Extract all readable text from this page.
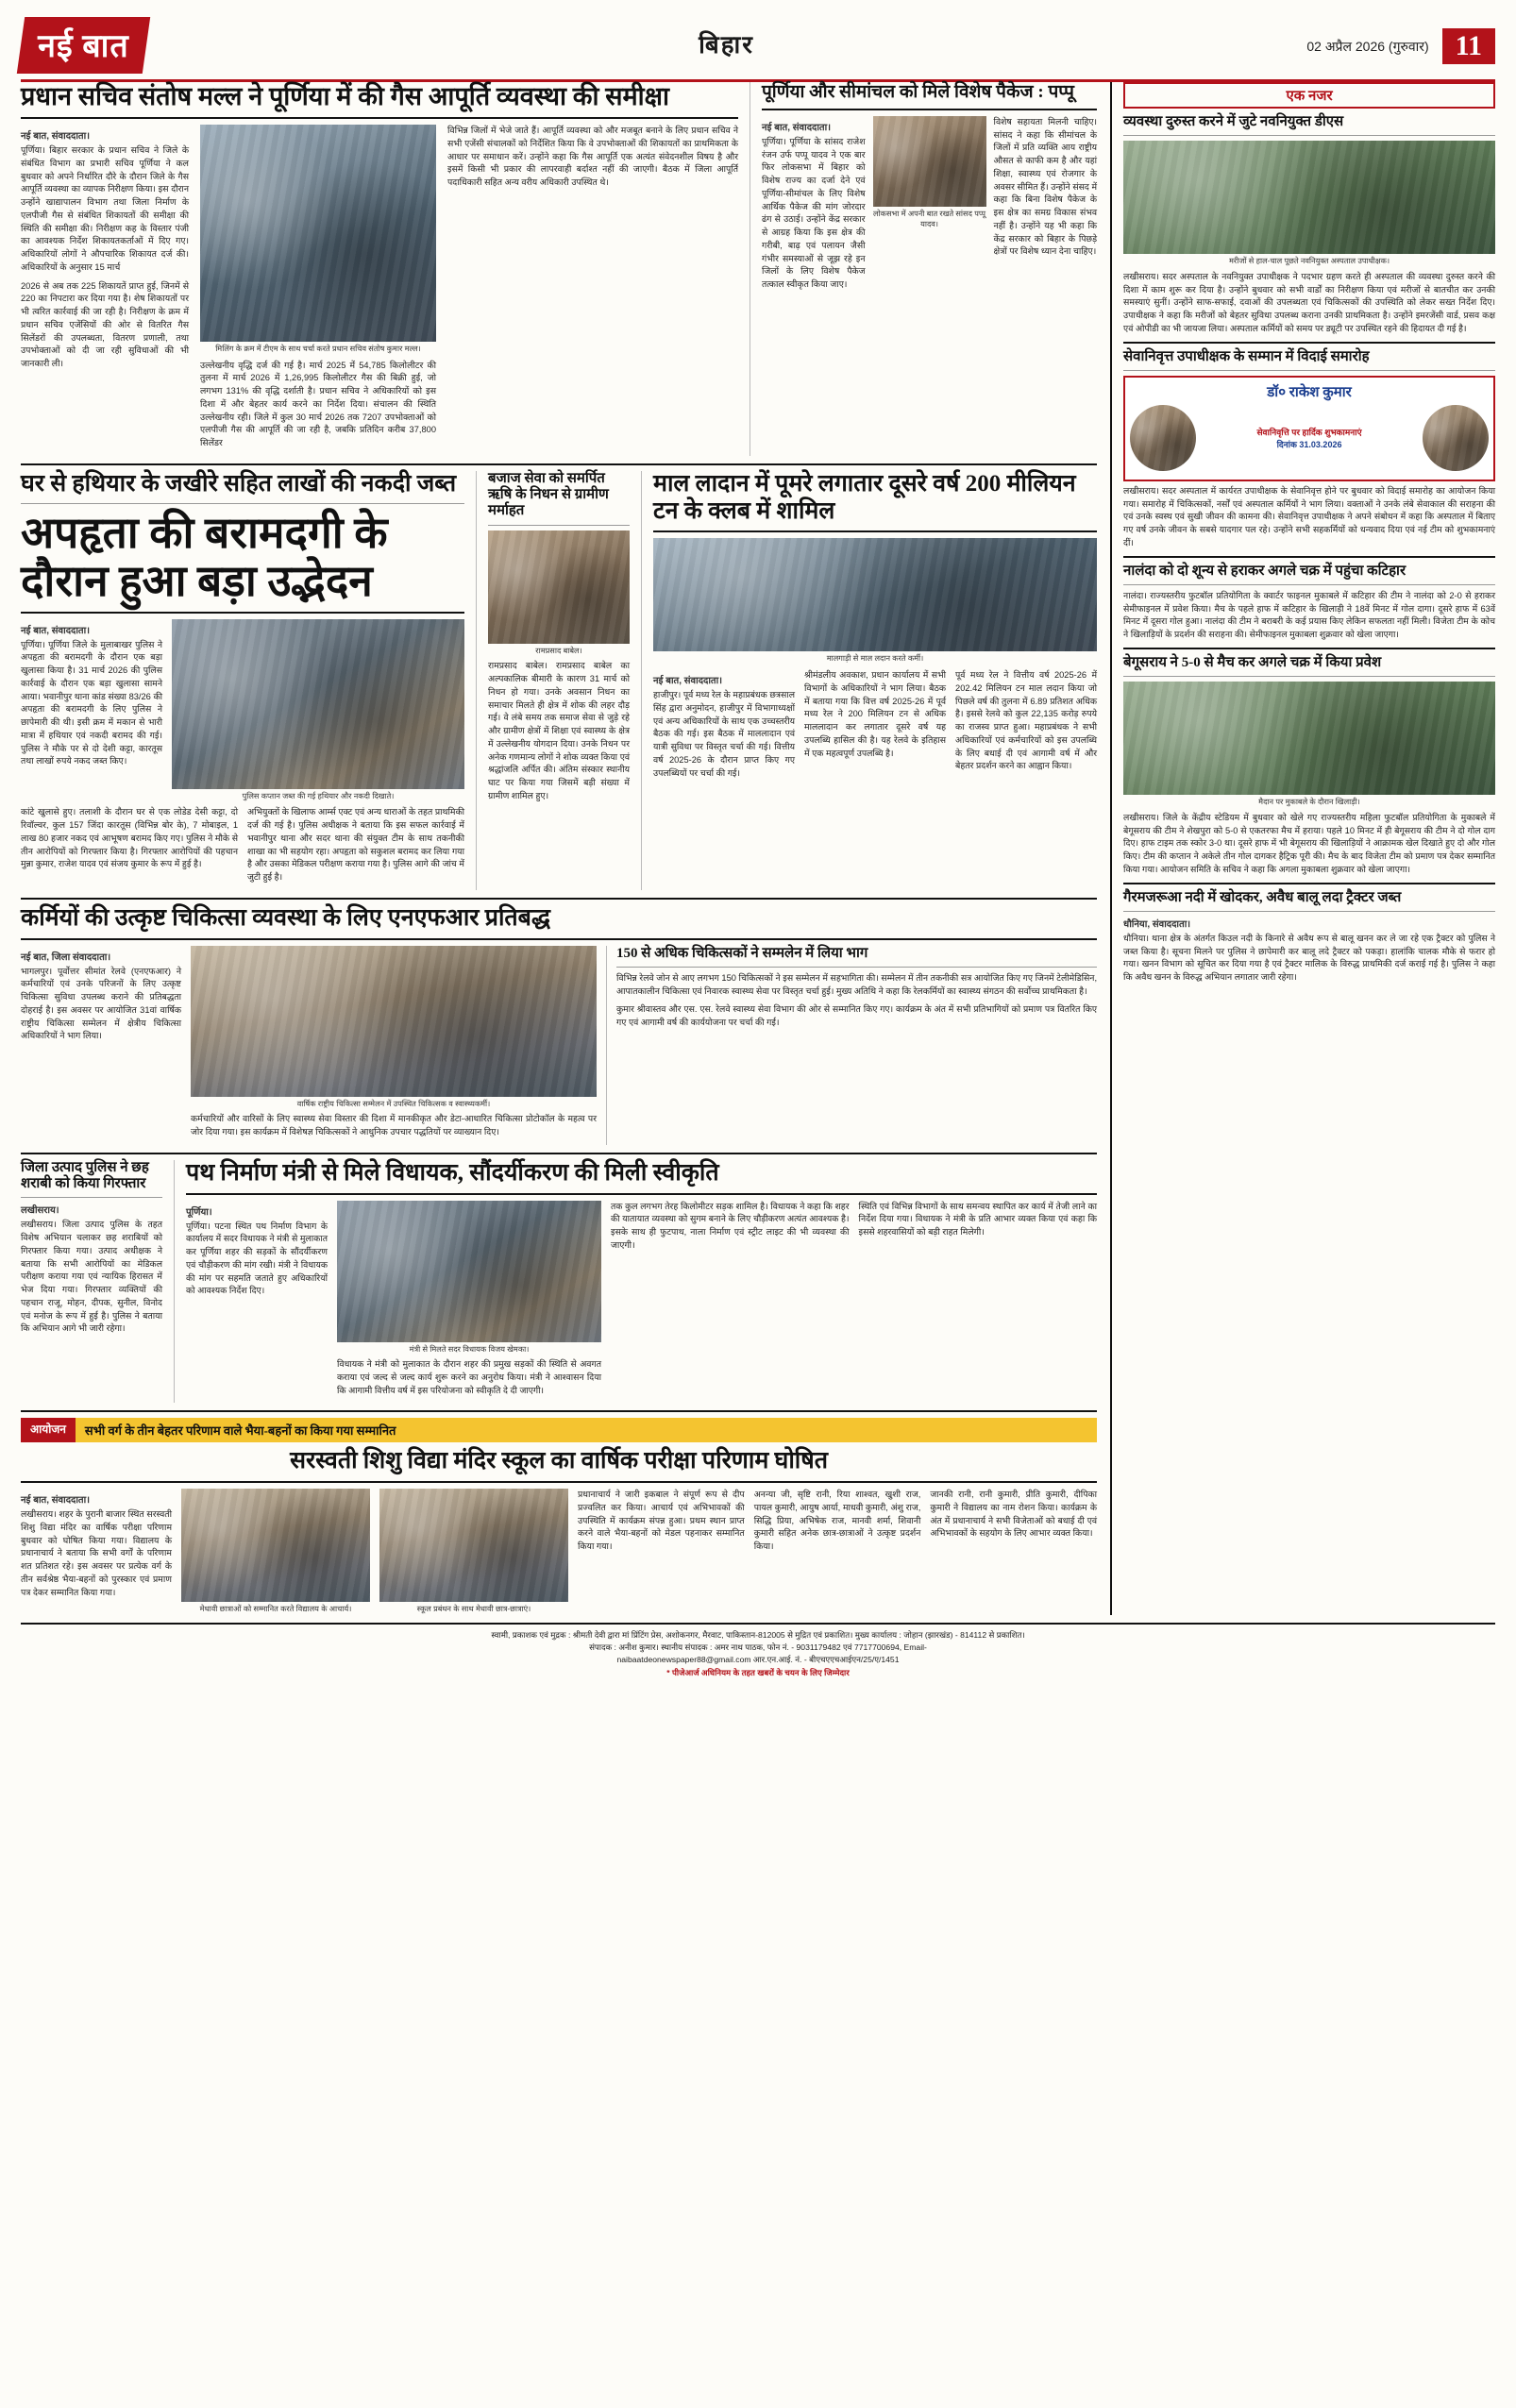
नई बात	बिहार	02 अप्रैल 2026 (गुरुवार) 11
प्रधान सचिव संतोष मल्ल ने पूर्णिया में की गैस आपूर्ति व्यवस्था की समीक्षा
नई बात, संवाददाता।

पूर्णिया। बिहार सरकार के प्रधान सचिव ने जिले के संबंधित विभाग का प्रभारी सचिव पूर्णिया ने कल बुधवार को अपने निर्धारित दौरे के दौरान जिले के गैस आपूर्ति व्यवस्था का व्यापक निरीक्षण किया। इस दौरान उन्होंने खाद्यापालन विभाग तथा जिला निर्माण के एलपीजी गैस से संबंधित शिकायतों की समीक्षा की स्थिति की समीक्षा की। निरीक्षण कह के विस्तार पंजी का आवश्यक निर्देश शिकायतकर्ताओं में दिए गए। अधिकारियों लोगों ने औपचारिक शिकायत दर्ज की। अधिकारियों के अनुसार 15 मार्च

2026 से अब तक 225 शिकायतें प्राप्त हुई, जिनमें से 220 का निपटारा कर दिया गया है। शेष शिकायतों पर भी त्वरित कार्रवाई की जा रही है। निरीक्षण के क्रम में प्रधान सचिव एजेंसियों की ओर से वितरित गैस सिलेंडरों की उपलब्धता, वितरण प्रणाली, तथा उपभोक्ताओं को दी जा रही सुविधाओं की भी जानकारी ली।

मिलिंग के क्रम में टीएम के साथ चर्चा करते प्रधान सचिव संतोष कुमार मल्ल।

उल्लेखनीय वृद्धि दर्ज की गई है। मार्च 2025 में 54,785 किलोलीटर की तुलना में मार्च 2026 में 1,26,995 किलोलीटर गैस की बिक्री हुई, जो लगभग 131% की वृद्धि दर्शाती है। प्रधान सचिव ने अधिकारियों को इस दिशा में और बेहतर कार्य करने का निर्देश दिया। संचालन की स्थिति उल्लेखनीय रही। जिले में कुल 30 मार्च 2026 तक 7207 उपभोक्ताओं को एलपीजी गैस की आपूर्ति की जा रही है, जबकि प्रतिदिन करीब 37,800 सिलेंडर

विभिन्न जिलों में भेजे जाते हैं। आपूर्ति व्यवस्था को और मजबूत बनाने के लिए प्रधान सचिव ने सभी एजेंसी संचालकों को निर्देशित किया कि वे उपभोक्ताओं की शिकायतों का प्राथमिकता के आधार पर समाधान करें। उन्होंने कहा कि गैस आपूर्ति एक अत्यंत संवेदनशील विषय है और इसमें किसी भी प्रकार की लापरवाही बर्दाश्त नहीं की जाएगी। बैठक में जिला आपूर्ति पदाधिकारी सहित अन्य वरीय अधिकारी उपस्थित थे।

पूर्णिया और सीमांचल को मिले विशेष पैकेज : पप्पू
नई बात, संवाददाता।

पूर्णिया। पूर्णिया के सांसद राजेश रंजन उर्फ पप्पू यादव ने एक बार फिर लोकसभा में बिहार को विशेष राज्य का दर्जा देने एवं पूर्णिया-सीमांचल के लिए विशेष आर्थिक पैकेज की मांग जोरदार ढंग से उठाई। उन्होंने केंद्र सरकार से आग्रह किया कि इस क्षेत्र की गरीबी, बाढ़ एवं पलायन जैसी गंभीर समस्याओं से जूझ रहे इन जिलों के लिए विशेष पैकेज तत्काल स्वीकृत किया जाए।

लोकसभा में अपनी बात रखते सांसद पप्पू यादव।

विशेष सहायता मिलनी चाहिए। सांसद ने कहा कि सीमांचल के जिलों में प्रति व्यक्ति आय राष्ट्रीय औसत से काफी कम है और यहां शिक्षा, स्वास्थ्य एवं रोजगार के अवसर सीमित हैं। उन्होंने संसद में कहा कि बिना विशेष पैकेज के इस क्षेत्र का समग्र विकास संभव नहीं है। उन्होंने यह भी कहा कि केंद्र सरकार को बिहार के पिछड़े क्षेत्रों पर विशेष ध्यान देना चाहिए।

घर से हथियार के जखीरे सहित लाखों की नकदी जब्त
अपहृता की बरामदगी के दौरान हुआ बड़ा उद्भेदन
नई बात, संवाददाता।

पूर्णिया। पूर्णिया जिले के मुलाबाखर पुलिस ने अपहृता की बरामदगी के दौरान एक बड़ा खुलासा किया है। 31 मार्च 2026 की पुलिस कार्रवाई के दौरान एक बड़ा खुलासा सामने आया। भवानीपुर थाना कांड संख्या 83/26 की अपहृता की बरामदगी के लिए पुलिस ने छापेमारी की थी। इसी क्रम में मकान से भारी मात्रा में हथियार एवं नकदी बरामद की गई। पुलिस ने मौके पर से दो देशी कट्टा, कारतूस तथा लाखों रुपये नकद जब्त किए।

पुलिस कप्तान जब्त की गई हथियार और नकदी दिखाते।

कांटे खुलासे हुए। तलाशी के दौरान घर से एक लोडेड देसी कट्टा, दो रिवॉल्वर, कुल 157 जिंदा कारतूस (विभिन्न बोर के), 7 मोबाइल, 1 लाख 80 हजार नकद एवं आभूषण बरामद किए गए। पुलिस ने मौके से तीन आरोपियों को गिरफ्तार किया है। गिरफ्तार आरोपियों की पहचान मुन्ना कुमार, राजेश यादव एवं संजय कुमार के रूप में हुई है।

अभियुक्तों के खिलाफ आर्म्स एक्ट एवं अन्य धाराओं के तहत प्राथमिकी दर्ज की गई है। पुलिस अधीक्षक ने बताया कि इस सफल कार्रवाई में भवानीपुर थाना और सदर थाना की संयुक्त टीम के साथ तकनीकी शाखा का भी सहयोग रहा। अपहृता को सकुशल बरामद कर लिया गया है और उसका मेडिकल परीक्षण कराया गया है। पुलिस आगे की जांच में जुटी हुई है।

बजाज सेवा को समर्पित ऋषि के निधन से ग्रामीण मर्माहत
रामप्रसाद बाबेल।

रामप्रसाद बाबेल। रामप्रसाद बाबेल का अल्पकालिक बीमारी के कारण 31 मार्च को निधन हो गया। उनके अवसान निधन का समाचार मिलते ही क्षेत्र में शोक की लहर दौड़ गई। वे लंबे समय तक समाज सेवा से जुड़े रहे और ग्रामीण क्षेत्रों में शिक्षा एवं स्वास्थ्य के क्षेत्र में उल्लेखनीय योगदान दिया। उनके निधन पर अनेक गणमान्य लोगों ने शोक व्यक्त किया एवं श्रद्धांजलि अर्पित की। अंतिम संस्कार स्थानीय घाट पर किया गया जिसमें बड़ी संख्या में ग्रामीण शामिल हुए।

माल लादान में पूमरे लगातार दूसरे वर्ष 200 मीलियन टन के क्लब में शामिल
मालगाड़ी से माल लदान करते कर्मी।
नई बात, संवाददाता।

हाजीपुर। पूर्व मध्य रेल के महाप्रबंधक छत्रसाल सिंह द्वारा अनुमोदन, हाजीपुर में विभागाध्यक्षों एवं अन्य अधिकारियों के साथ एक उच्चस्तरीय बैठक की गई। इस बैठक में माललादान एवं यात्री सुविधा पर विस्तृत चर्चा की गई। वित्तीय वर्ष 2025-26 के दौरान प्राप्त किए गए उपलब्धियों पर चर्चा की गई।

श्रीमंडलीय अवकाश, प्रधान कार्यालय में सभी विभागों के अधिकारियों ने भाग लिया। बैठक में बताया गया कि वित्त वर्ष 2025-26 में पूर्व मध्य रेल ने 200 मिलियन टन से अधिक माललादान कर लगातार दूसरे वर्ष यह उपलब्धि हासिल की है। यह रेलवे के इतिहास में एक महत्वपूर्ण उपलब्धि है।

पूर्व मध्य रेल ने वित्तीय वर्ष 2025-26 में 202.42 मिलियन टन माल लदान किया जो पिछले वर्ष की तुलना में 6.89 प्रतिशत अधिक है। इससे रेलवे को कुल 22,135 करोड़ रुपये का राजस्व प्राप्त हुआ। महाप्रबंधक ने सभी अधिकारियों एवं कर्मचारियों को इस उपलब्धि के लिए बधाई दी एवं आगामी वर्ष में और बेहतर प्रदर्शन करने का आह्वान किया।

कर्मियों की उत्कृष्ट चिकित्सा व्यवस्था के लिए एनएफआर प्रतिबद्ध
नई बात, जिला संवाददाता।

भागलपुर। पूर्वोत्तर सीमांत रेलवे (एनएफआर) ने कर्मचारियों एवं उनके परिजनों के लिए उत्कृष्ट चिकित्सा सुविधा उपलब्ध कराने की प्रतिबद्धता दोहराई है। इस अवसर पर आयोजित 31वां वार्षिक राष्ट्रीय चिकित्सा सम्मेलन में क्षेत्रीय चिकित्सा अधिकारियों ने भाग लिया।

वार्षिक राष्ट्रीय चिकित्सा सम्मेलन में उपस्थित चिकित्सक व स्वास्थ्यकर्मी।

कर्मचारियों और वारिसों के लिए स्वास्थ्य सेवा विस्तार की दिशा में मानकीकृत और डेटा-आधारित चिकित्सा प्रोटोकॉल के महत्व पर जोर दिया गया। इस कार्यक्रम में विशेषज्ञ चिकित्सकों ने आधुनिक उपचार पद्धतियों पर व्याख्यान दिए।

150 से अधिक चिकित्सकों ने सम्मलेन में लिया भाग

विभिन्न रेलवे जोन से आए लगभग 150 चिकित्सकों ने इस सम्मेलन में सहभागिता की। सम्मेलन में तीन तकनीकी सत्र आयोजित किए गए जिनमें टेलीमेडिसिन, आपातकालीन चिकित्सा एवं निवारक स्वास्थ्य सेवा पर विस्तृत चर्चा हुई। मुख्य अतिथि ने कहा कि रेलकर्मियों का स्वास्थ्य संगठन की सर्वोच्च प्राथमिकता है।

कुमार श्रीवास्तव और एस. एस. रेलवे स्वास्थ्य सेवा विभाग की ओर से सम्मानित किए गए। कार्यक्रम के अंत में सभी प्रतिभागियों को प्रमाण पत्र वितरित किए गए एवं आगामी वर्ष की कार्ययोजना पर चर्चा की गई।

जिला उत्पाद पुलिस ने छह शराबी को किया गिरफ्तार
लखीसराय।

लखीसराय। जिला उत्पाद पुलिस के तहत विशेष अभियान चलाकर छह शराबियों को गिरफ्तार किया गया। उत्पाद अधीक्षक ने बताया कि सभी आरोपियों का मेडिकल परीक्षण कराया गया एवं न्यायिक हिरासत में भेज दिया गया। गिरफ्तार व्यक्तियों की पहचान राजू, मोहन, दीपक, सुनील, विनोद एवं मनोज के रूप में हुई है। पुलिस ने बताया कि अभियान आगे भी जारी रहेगा।

पथ निर्माण मंत्री से मिले विधायक, सौंदर्यीकरण की मिली स्वीकृति
पूर्णिया।

पूर्णिया। पटना स्थित पथ निर्माण विभाग के कार्यालय में सदर विधायक ने मंत्री से मुलाकात कर पूर्णिया शहर की सड़कों के सौंदर्यीकरण एवं चौड़ीकरण की मांग रखी। मंत्री ने विधायक की मांग पर सहमति जताते हुए अधिकारियों को आवश्यक निर्देश दिए।

मंत्री से मिलते सदर विधायक विजय खेमका।

विधायक ने मंत्री को मुलाकात के दौरान शहर की प्रमुख सड़कों की स्थिति से अवगत कराया एवं जल्द से जल्द कार्य शुरू करने का अनुरोध किया। मंत्री ने आश्वासन दिया कि आगामी वित्तीय वर्ष में इस परियोजना को स्वीकृति दे दी जाएगी।

तक कुल लगभग तेरह किलोमीटर सड़क शामिल है। विधायक ने कहा कि शहर की यातायात व्यवस्था को सुगम बनाने के लिए चौड़ीकरण अत्यंत आवश्यक है। इसके साथ ही फुटपाथ, नाला निर्माण एवं स्ट्रीट लाइट की भी व्यवस्था की जाएगी।

स्थिति एवं विभिन्न विभागों के साथ समन्वय स्थापित कर कार्य में तेजी लाने का निर्देश दिया गया। विधायक ने मंत्री के प्रति आभार व्यक्त किया एवं कहा कि इससे शहरवासियों को बड़ी राहत मिलेगी।

आयोजन	सभी वर्ग के तीन बेहतर परिणाम वाले भैया-बहनों का किया गया सम्मानित
सरस्वती शिशु विद्या मंदिर स्कूल का वार्षिक परीक्षा परिणाम घोषित
नई बात, संवाददाता।

लखीसराय। शहर के पुरानी बाजार स्थित सरस्वती शिशु विद्या मंदिर का वार्षिक परीक्षा परिणाम बुधवार को घोषित किया गया। विद्यालय के प्रधानाचार्य ने बताया कि सभी वर्गों के परिणाम शत प्रतिशत रहे। इस अवसर पर प्रत्येक वर्ग के तीन सर्वश्रेष्ठ भैया-बहनों को पुरस्कार एवं प्रमाण पत्र देकर सम्मानित किया गया।

मेधावी छात्राओं को सम्मानित करते विद्यालय के आचार्य।	स्कूल प्रबंधन के साथ मेधावी छात्र-छात्राएं।

प्रधानाचार्य ने जारी इकबाल ने संपूर्ण रूप से दीप प्रज्वलित कर किया। आचार्य एवं अभिभावकों की उपस्थिति में कार्यक्रम संपन्न हुआ। प्रथम स्थान प्राप्त करने वाले भैया-बहनों को मेडल पहनाकर सम्मानित किया गया।

अनन्या जी, सृष्टि रानी, रिया शाश्वत, खुशी राज, पायल कुमारी, आयुष आर्या, माधवी कुमारी, अंशु राज, सिद्धि प्रिया, अभिषेक राज, मानवी शर्मा, शिवानी कुमारी सहित अनेक छात्र-छात्राओं ने उत्कृष्ट प्रदर्शन किया।

जानकी रानी, रानी कुमारी, प्रीति कुमारी, दीपिका कुमारी ने विद्यालय का नाम रोशन किया। कार्यक्रम के अंत में प्रधानाचार्य ने सभी विजेताओं को बधाई दी एवं अभिभावकों के सहयोग के लिए आभार व्यक्त किया।

एक नजर
व्यवस्था दुरुस्त करने में जुटे नवनियुक्त डीएस
मरीजों से हाल-चाल पूछते नवनियुक्त अस्पताल उपाधीक्षक।

लखीसराय। सदर अस्पताल के नवनियुक्त उपाधीक्षक ने पदभार ग्रहण करते ही अस्पताल की व्यवस्था दुरुस्त करने की दिशा में काम शुरू कर दिया है। उन्होंने बुधवार को सभी वार्डों का निरीक्षण किया एवं मरीजों से बातचीत कर उनकी समस्याएं सुनीं। उन्होंने साफ-सफाई, दवाओं की उपलब्धता एवं चिकित्सकों की उपस्थिति को लेकर सख्त निर्देश दिए। उपाधीक्षक ने कहा कि मरीजों को बेहतर सुविधा उपलब्ध कराना उनकी प्राथमिकता है। उन्होंने इमरजेंसी वार्ड, प्रसव कक्ष एवं ओपीडी का भी जायजा लिया। अस्पताल कर्मियों को समय पर ड्यूटी पर उपस्थित रहने की हिदायत दी गई है।

सेवानिवृत्त उपाधीक्षक के सम्मान में विदाई समारोह
डॉ० राकेश कुमार
सेवानिवृत्ति पर हार्दिक शुभकामनाएं
दिनांक 31.03.2026

लखीसराय। सदर अस्पताल में कार्यरत उपाधीक्षक के सेवानिवृत्त होने पर बुधवार को विदाई समारोह का आयोजन किया गया। समारोह में चिकित्सकों, नर्सों एवं अस्पताल कर्मियों ने भाग लिया। वक्ताओं ने उनके लंबे सेवाकाल की सराहना की एवं उनके स्वस्थ एवं सुखी जीवन की कामना की। सेवानिवृत्त उपाधीक्षक ने अपने संबोधन में कहा कि अस्पताल में बिताए गए वर्ष उनके जीवन के सबसे यादगार पल रहे। उन्होंने सभी सहकर्मियों को धन्यवाद दिया एवं नई टीम को शुभकामनाएं दीं।

नालंदा को दो शून्य से हराकर अगले चक्र में पहुंचा कटिहार

नालंदा। राज्यस्तरीय फुटबॉल प्रतियोगिता के क्वार्टर फाइनल मुकाबले में कटिहार की टीम ने नालंदा को 2-0 से हराकर सेमीफाइनल में प्रवेश किया। मैच के पहले हाफ में कटिहार के खिलाड़ी ने 18वें मिनट में गोल दागा। दूसरे हाफ में 63वें मिनट में दूसरा गोल हुआ। नालंदा की टीम ने बराबरी के कई प्रयास किए लेकिन सफलता नहीं मिली। विजेता टीम के कोच ने खिलाड़ियों के प्रदर्शन की सराहना की। सेमीफाइनल मुकाबला शुक्रवार को खेला जाएगा।

बेगूसराय ने 5-0 से मैच कर अगले चक्र में किया प्रवेश
मैदान पर मुकाबले के दौरान खिलाड़ी।

लखीसराय। जिले के केंद्रीय स्टेडियम में बुधवार को खेले गए राज्यस्तरीय महिला फुटबॉल प्रतियोगिता के मुकाबले में बेगूसराय की टीम ने शेखपुरा को 5-0 से एकतरफा मैच में हराया। पहले 10 मिनट में ही बेगूसराय की टीम ने दो गोल दाग दिए। हाफ टाइम तक स्कोर 3-0 था। दूसरे हाफ में भी बेगूसराय की खिलाड़ियों ने आक्रामक खेल दिखाते हुए दो और गोल किए। टीम की कप्तान ने अकेले तीन गोल दागकर हैट्रिक पूरी की। मैच के बाद विजेता टीम को प्रमाण पत्र देकर सम्मानित किया गया। आयोजन समिति के सचिव ने कहा कि अगला मुकाबला शुक्रवार को खेला जाएगा।

गैरमजरूआ नदी में खोदकर, अवैध बालू लदा ट्रैक्टर जब्त
धौनिया, संवाददाता।

धौनिया। थाना क्षेत्र के अंतर्गत किउल नदी के किनारे से अवैध रूप से बालू खनन कर ले जा रहे एक ट्रैक्टर को पुलिस ने जब्त किया है। सूचना मिलने पर पुलिस ने छापेमारी कर बालू लदे ट्रैक्टर को पकड़ा। हालांकि चालक मौके से फरार हो गया। खनन विभाग को सूचित कर दिया गया है एवं ट्रैक्टर मालिक के विरुद्ध प्राथमिकी दर्ज कराई गई है। पुलिस ने कहा कि अवैध खनन के विरुद्ध अभियान लगातार जारी रहेगा।

स्वामी, प्रकाशक एवं मुद्रक : श्रीमती देवी द्वारा मां प्रिंटिंग प्रेस, अशोकनगर, मैरवाट, पाकिस्तान-812005 से मुद्रित एवं प्रकाशित। मुख्य कार्यालय : जोहान (झारखंड) - 814112 से प्रकाशित।
संपादक : अनीश कुमार। स्थानीय संपादक : अमर नाथ पाठक, फोन नं. - 9031179482 एवं 7717700694, Email-
naibaatdeonewspaper88@gmail.com आर.एन.आई. नं. - बीएचएएचआईएन/25/ए/1451
* पीजेआर्ज अधिनियम के तहत खबरों के चयन के लिए जिम्मेदार
